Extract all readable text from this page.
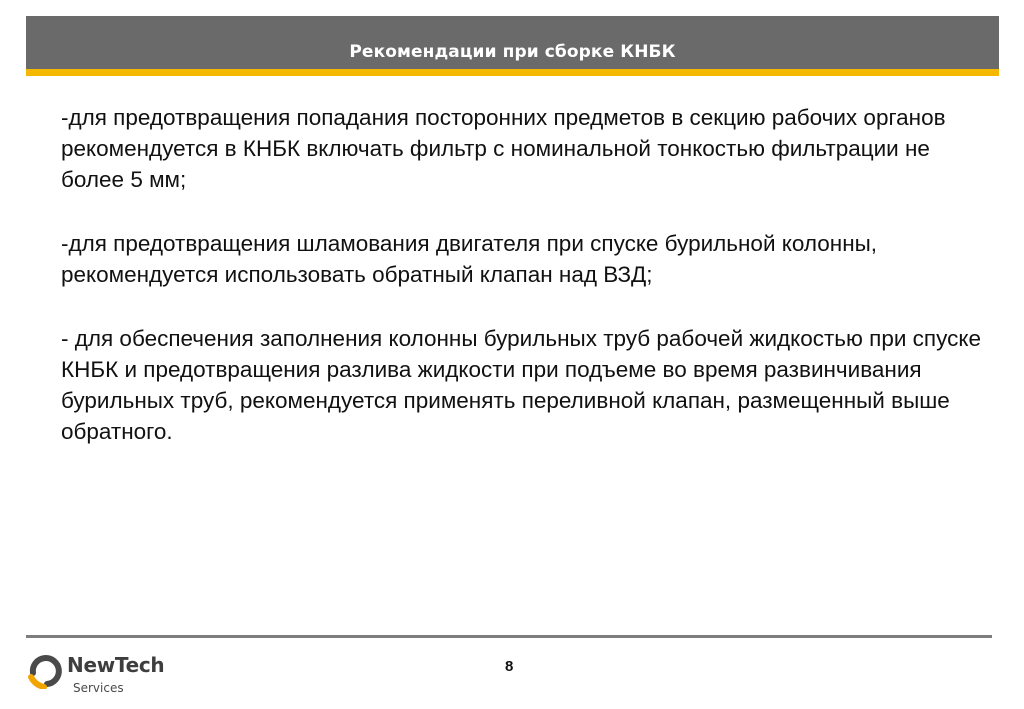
Рекомендации при сборке КНБК

-для предотвращения попадания посторонних предметов в секцию рабочих органов рекомендуется в КНБК включать фильтр с номинальной тонкостью фильтрации не более 5 мм;

-для предотвращения шламования двигателя при спуске бурильной колонны, рекомендуется использовать обратный клапан над ВЗД;

- для обеспечения заполнения колонны бурильных труб рабочей жидкостью при спуске КНБК и предотвращения разлива жидкости при подъеме во время развинчивания бурильных труб, рекомендуется применять переливной клапан, размещенный выше обратного.

NewTech
Services
8
